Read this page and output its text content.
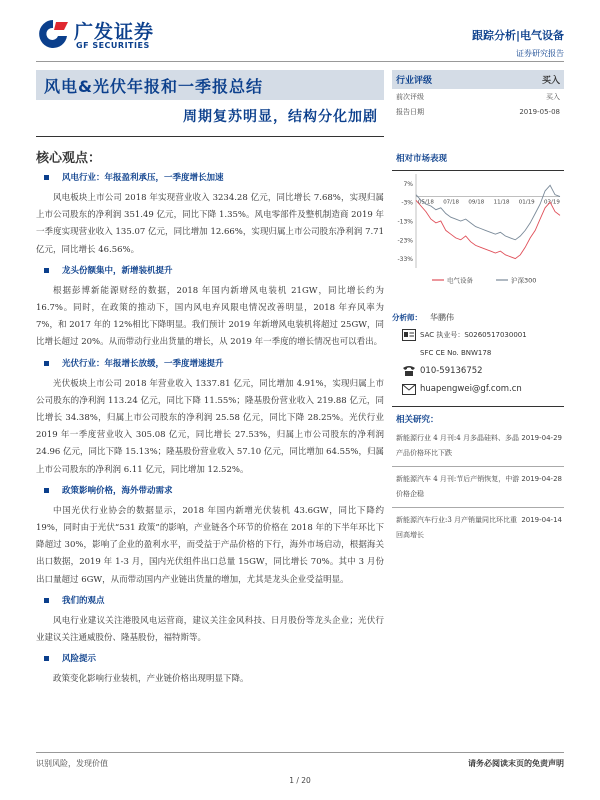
广发证券
GF SECURITIES
跟踪分析|电气设备
证券研究报告
风电&光伏年报和一季报总结
周期复苏明显，结构分化加剧
核心观点：
风电行业：年报盈利承压，一季度增长加速

风电板块上市公司 2018 年实现营业收入 3234.28 亿元，同比增长 7.68%，实现归属上市公司股东的净利润 351.49 亿元，同比下降 1.35%。风电零部件及整机制造商 2019 年一季度实现营业收入 135.07 亿元，同比增加 12.66%，实现归属上市公司股东净利润 7.71 亿元，同比增长 46.56%。

龙头份额集中，新增装机提升

根据彭博新能源财经的数据，2018 年国内新增风电装机 21GW，同比增长约为 16.7%。同时，在政策的推动下，国内风电弃风限电情况改善明显，2018 年弃风率为 7%，和 2017 年的 12%相比下降明显。我们预计 2019 年新增风电装机将超过 25GW，同比增长超过 20%。从而带动行业出货量的增长，从 2019 年一季度的增长情况也可以看出。

光伏行业：年报增长放缓，一季度增速提升

光伏板块上市公司 2018 年营业收入 1337.81 亿元，同比增加 4.91%，实现归属上市公司股东的净利润 113.24 亿元，同比下降 11.55%；隆基股份营业收入 219.88 亿元，同比增长 34.38%，归属上市公司股东的净利润 25.58 亿元，同比下降 28.25%。光伏行业 2019 年一季度营业收入 305.08 亿元，同比增长 27.53%，归属上市公司股东的净利润 24.96 亿元，同比下降 15.13%；隆基股份营业收入 57.10 亿元，同比增加 64.55%，归属上市公司股东的净利润 6.11 亿元，同比增加 12.52%。

政策影响价格，海外带动需求

中国光伏行业协会的数据显示，2018 年国内新增光伏装机 43.6GW，同比下降约 19%，同时由于光伏“531 政策”的影响，产业链各个环节的价格在 2018 年的下半年环比下降超过 30%，影响了企业的盈利水平，而受益于产品价格的下行，海外市场启动，根据海关出口数据，2019 年 1-3 月，国内光伏组件出口总量 15GW，同比增长 70%。其中 3 月份出口量超过 6GW，从而带动国内产业链出货量的增加，尤其是龙头企业受益明显。

我们的观点

风电行业建议关注港股风电运营商，建议关注金风科技、日月股份等龙头企业；光伏行业建议关注通威股份、隆基股份，福特斯等。

风险提示

政策变化影响行业装机，产业链价格出现明显下降。

行业评级	买入
前次评级	买入
报告日期	2019-05-08
相对市场表现
7%
-3%
-13%
-23%
-33%
05/18 07/18 09/18 11/18 01/19 03/19
电气设备	沪深300
分析师：	华鹏伟
SAC 执业号：S0260517030001
SFC CE No. BNW178
010-59136752
huapengwei@gf.com.cn
相关研究：
新能源行业 4 月刊:4 月多晶硅料、多晶产品价格环比下跌
2019-04-29
新能源汽车 4 月刊:节后产销恢复，中游价格企稳
2019-04-28
新能源汽车行业:3 月产销量同比环比重回高增长
2019-04-14
识别风险，发现价值	请务必阅读末页的免责声明
1 / 20
